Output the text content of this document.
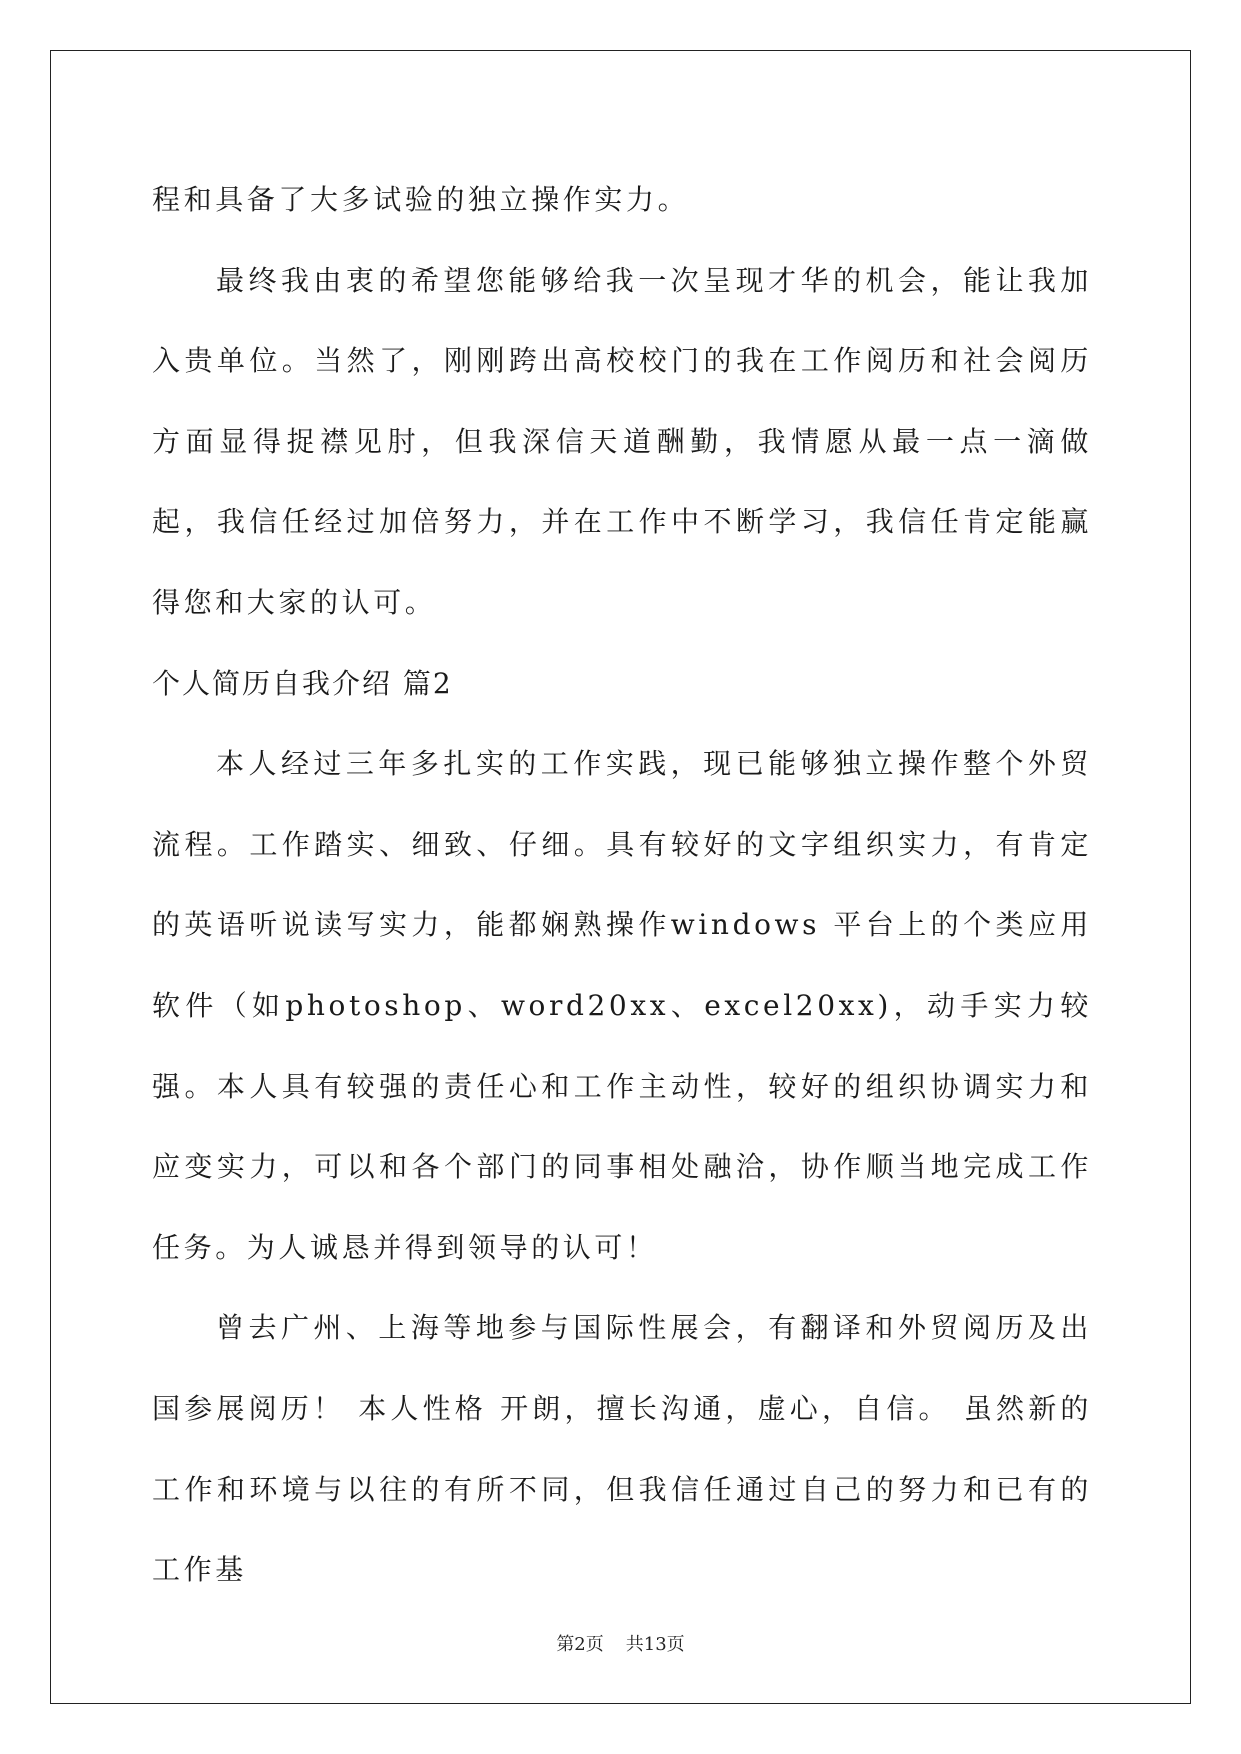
程和具备了大多试验的独立操作实力。

最终我由衷的希望您能够给我一次呈现才华的机会，能让我加入贵单位。当然了，刚刚跨出高校校门的我在工作阅历和社会阅历方面显得捉襟见肘，但我深信天道酬勤，我情愿从最一点一滴做起，我信任经过加倍努力，并在工作中不断学习，我信任肯定能赢得您和大家的认可。

个人简历自我介绍 篇2

本人经过三年多扎实的工作实践，现已能够独立操作整个外贸流程。工作踏实、细致、仔细。具有较好的文字组织实力，有肯定的英语听说读写实力，能都娴熟操作windows 平台上的个类应用软件（如photoshop、word20xx、excel20xx)，动手实力较强。本人具有较强的责任心和工作主动性，较好的组织协调实力和应变实力，可以和各个部门的同事相处融洽，协作顺当地完成工作任务。为人诚恳并得到领导的认可！

曾去广州、上海等地参与国际性展会，有翻译和外贸阅历及出国参展阅历！ 本人性格 开朗，擅长沟通，虚心，自信。 虽然新的工作和环境与以往的有所不同，但我信任通过自己的努力和已有的工作基

第2页 共13页
